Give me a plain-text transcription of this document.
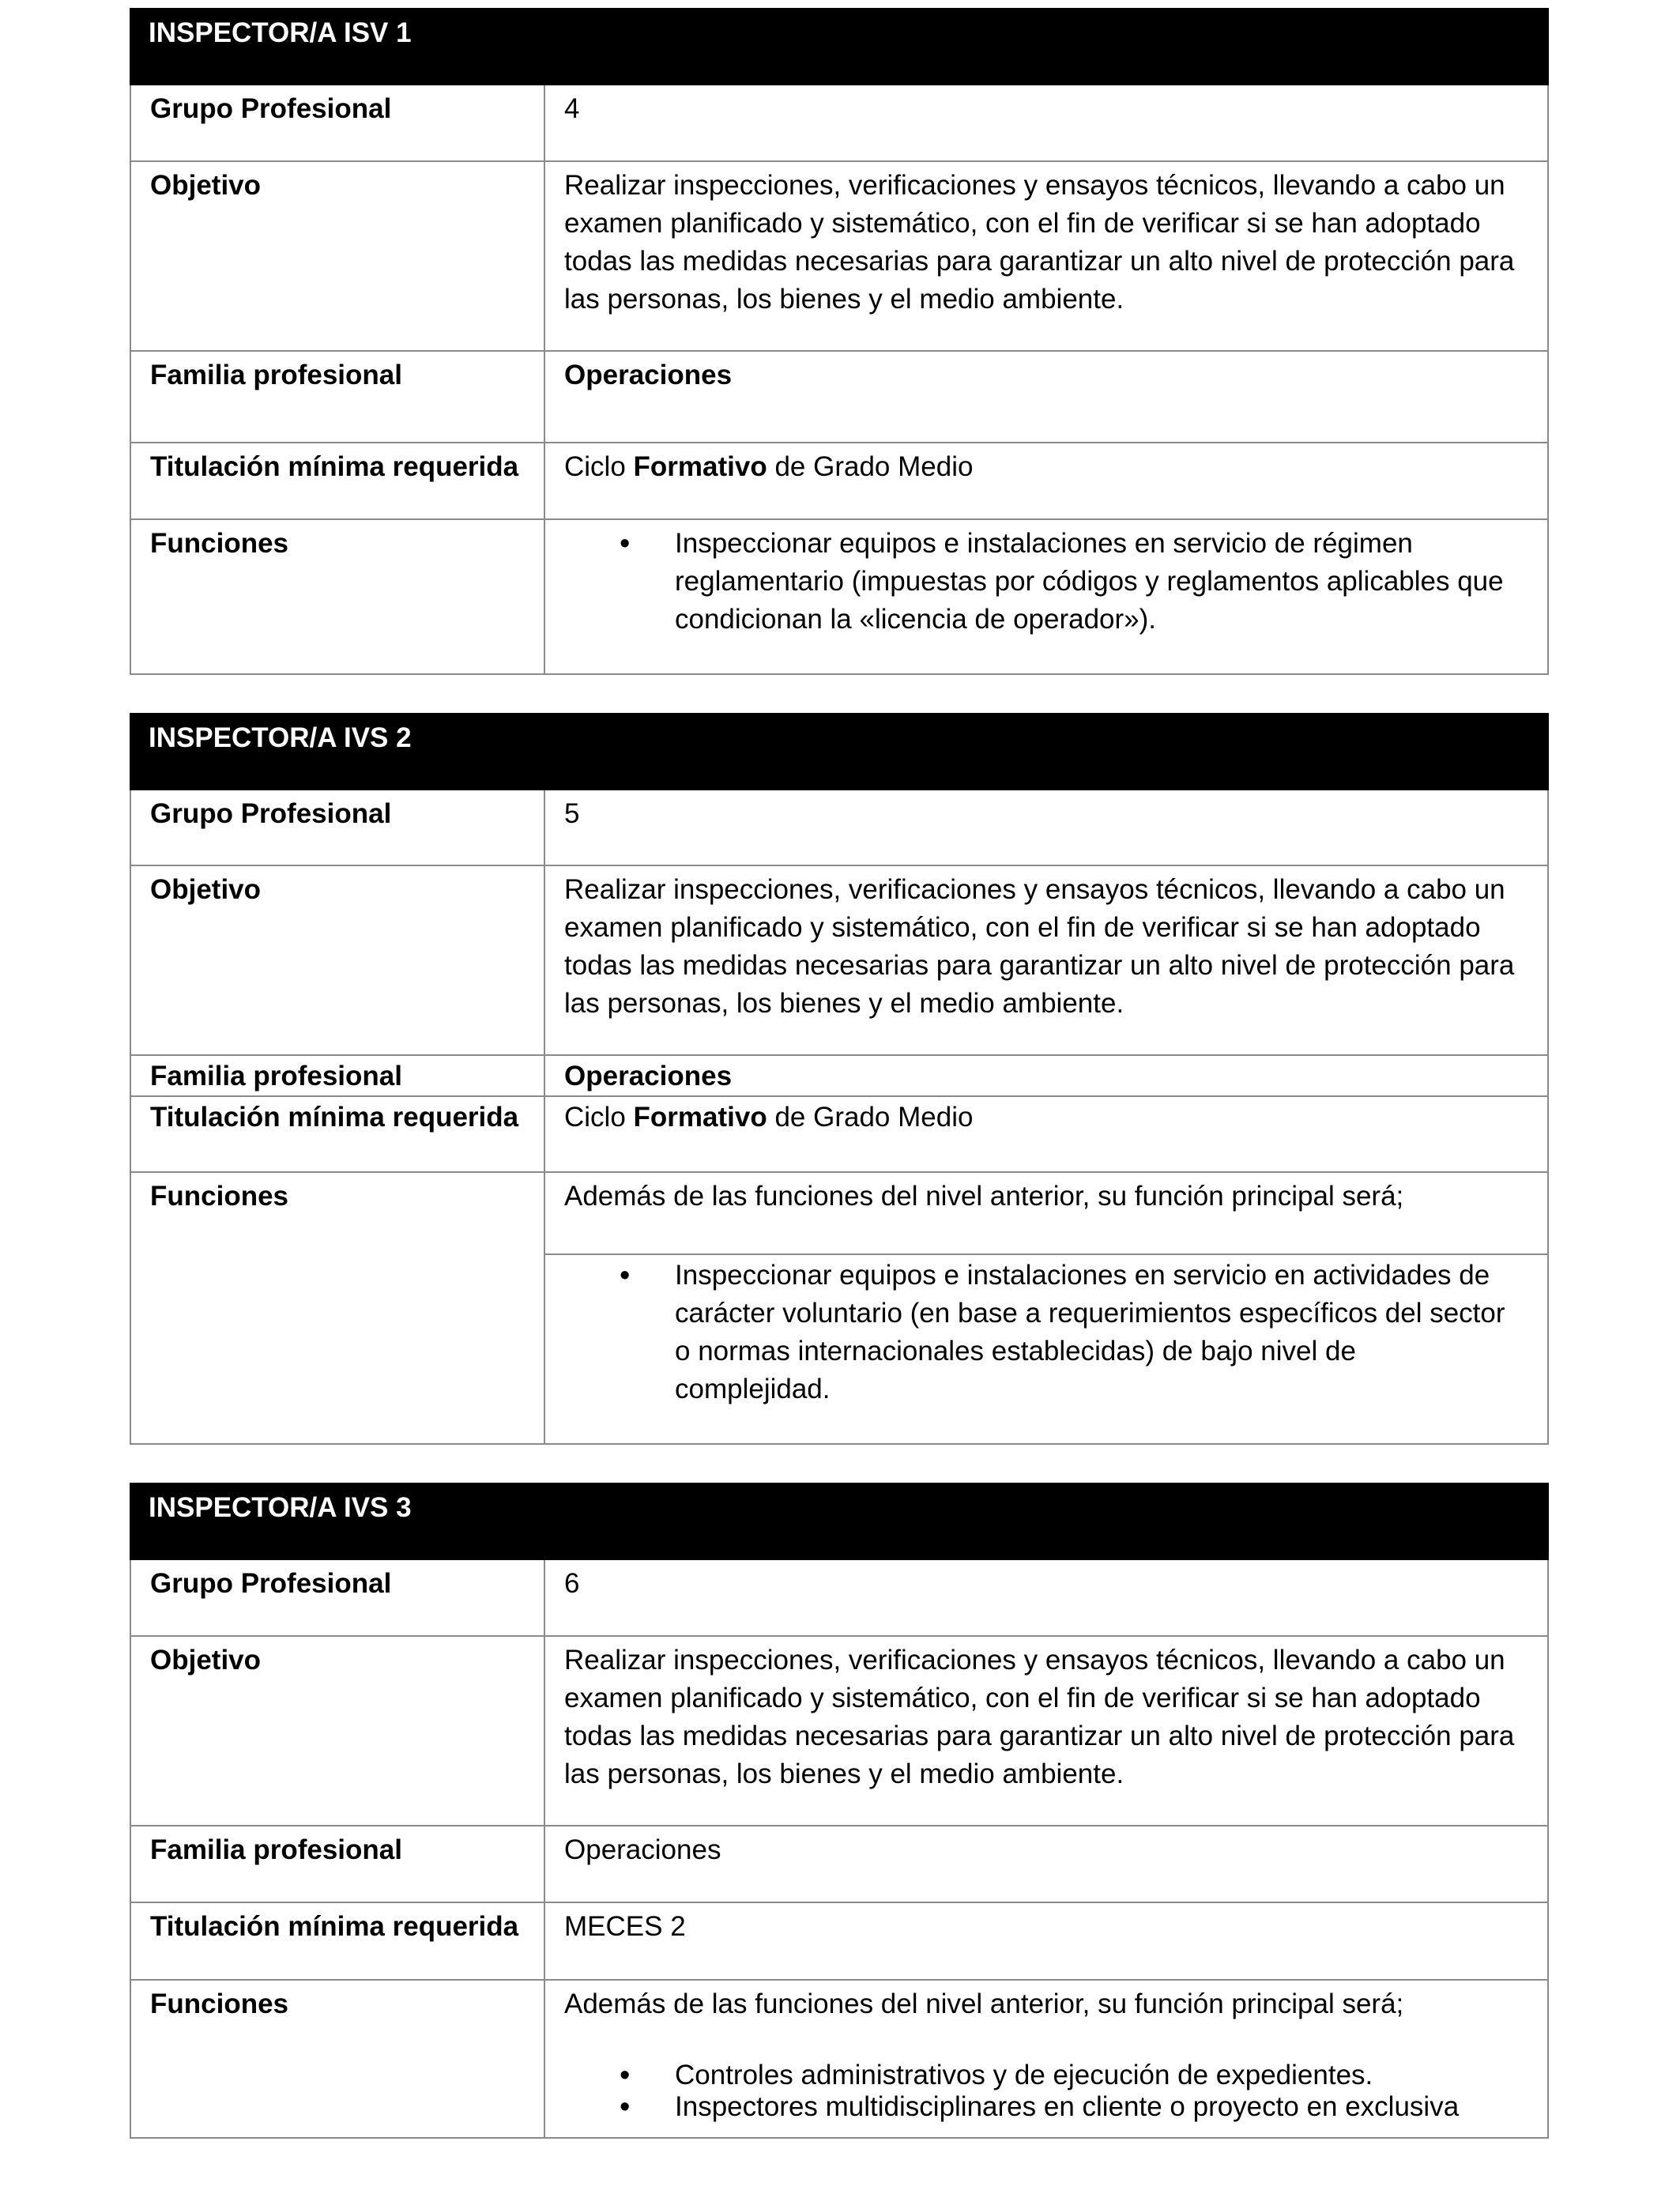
INSPECTOR/A ISV 1
Grupo Profesional	4
Objetivo	Realizar inspecciones, verificaciones y ensayos técnicos, llevando a cabo un examen planificado y sistemático, con el fin de verificar si se han adoptado todas las medidas necesarias para garantizar un alto nivel de protección para las personas, los bienes y el medio ambiente.
Familia profesional	Operaciones
Titulación mínima requerida	Ciclo Formativo de Grado Medio
Funciones	• Inspeccionar equipos e instalaciones en servicio de régimen reglamentario (impuestas por códigos y reglamentos aplicables que condicionan la «licencia de operador»).
INSPECTOR/A IVS 2
Grupo Profesional	5
Objetivo	Realizar inspecciones, verificaciones y ensayos técnicos, llevando a cabo un examen planificado y sistemático, con el fin de verificar si se han adoptado todas las medidas necesarias para garantizar un alto nivel de protección para las personas, los bienes y el medio ambiente.
Familia profesional	Operaciones
Titulación mínima requerida	Ciclo Formativo de Grado Medio
Funciones	Además de las funciones del nivel anterior, su función principal será;
• Inspeccionar equipos e instalaciones en servicio en actividades de carácter voluntario (en base a requerimientos específicos del sector o normas internacionales establecidas) de bajo nivel de complejidad.
INSPECTOR/A IVS 3
Grupo Profesional	6
Objetivo	Realizar inspecciones, verificaciones y ensayos técnicos, llevando a cabo un examen planificado y sistemático, con el fin de verificar si se han adoptado todas las medidas necesarias para garantizar un alto nivel de protección para las personas, los bienes y el medio ambiente.
Familia profesional	Operaciones
Titulación mínima requerida	MECES 2
Funciones	Además de las funciones del nivel anterior, su función principal será;
• Controles administrativos y de ejecución de expedientes.
• Inspectores multidisciplinares en cliente o proyecto en exclusiva
